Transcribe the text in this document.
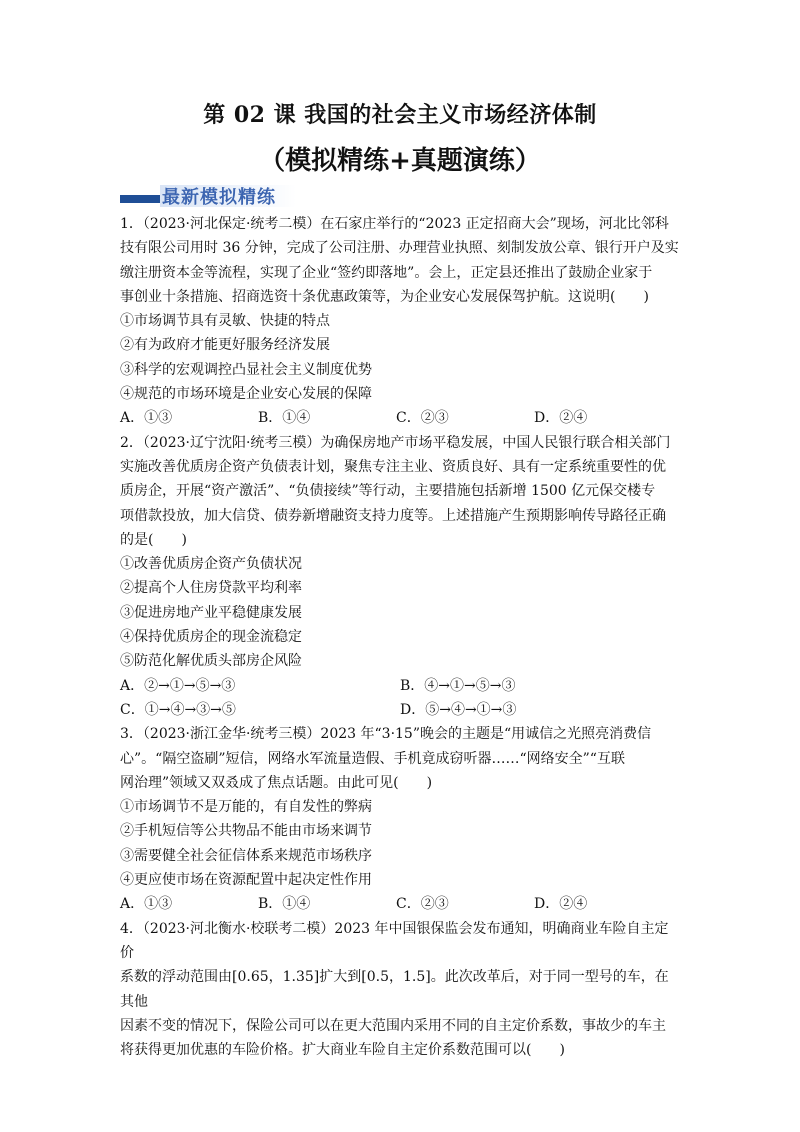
第 02 课 我国的社会主义市场经济体制
（模拟精练+真题演练）
最新模拟精练
1．（2023·河北保定·统考二模）在石家庄举行的“2023 正定招商大会”现场，河北比邻科
技有限公司用时 36 分钟，完成了公司注册、办理营业执照、刻制发放公章、银行开户及实
缴注册资本金等流程，实现了企业“签约即落地”。会上，正定县还推出了鼓励企业家于
事创业十条措施、招商选资十条优惠政策等，为企业安心发展保驾护航。这说明(　　)
①市场调节具有灵敏、快捷的特点
②有为政府才能更好服务经济发展
③科学的宏观调控凸显社会主义制度优势
④规范的市场环境是企业安心发展的保障
A．①③	B．①④	C．②③	D．②④
2．（2023·辽宁沈阳·统考三模）为确保房地产市场平稳发展，中国人民银行联合相关部门
实施改善优质房企资产负债表计划，聚焦专注主业、资质良好、具有一定系统重要性的优
质房企，开展“资产激活”、“负债接续”等行动，主要措施包括新增 1500 亿元保交楼专
项借款投放，加大信贷、债券新增融资支持力度等。上述措施产生预期影响传导路径正确
的是(　　)
①改善优质房企资产负债状况
②提高个人住房贷款平均利率
③促进房地产业平稳健康发展
④保持优质房企的现金流稳定
⑤防范化解优质头部房企风险
A．②→①→⑤→③	B．④→①→⑤→③
C．①→④→③→⑤	D．⑤→④→①→③
3．（2023·浙江金华·统考三模）2023 年“3·15”晚会的主题是“用诚信之光照亮消费信
心”。“隔空盗刷”短信，网络水军流量造假、手机竟成窃听器……“网络安全”“互联
网治理”领域又双叒成了焦点话题。由此可见(　　)
①市场调节不是万能的，有自发性的弊病
②手机短信等公共物品不能由市场来调节
③需要健全社会征信体系来规范市场秩序
④更应使市场在资源配置中起决定性作用
A．①③	B．①④	C．②③	D．②④
4．（2023·河北衡水·校联考二模）2023 年中国银保监会发布通知，明确商业车险自主定价
系数的浮动范围由[0.65，1.35]扩大到[0.5，1.5]。此次改革后，对于同一型号的车，在其他
因素不变的情况下，保险公司可以在更大范围内采用不同的自主定价系数，事故少的车主
将获得更加优惠的车险价格。扩大商业车险自主定价系数范围可以(　　)
